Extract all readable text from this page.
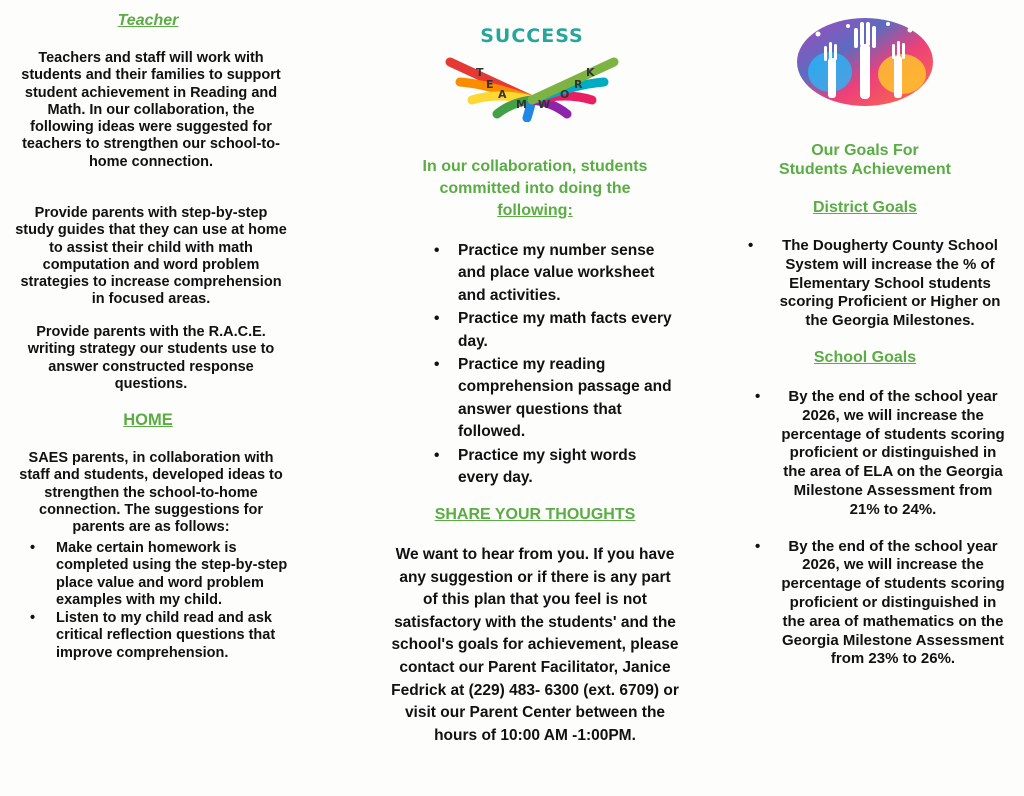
Teacher

Teachers and staff will work with students and their families to support student achievement in Reading and Math. In our collaboration, the following ideas were suggested for teachers to strengthen our school-to-home connection.

Provide parents with step-by-step study guides that they can use at home to assist their child with math computation and word problem strategies to increase comprehension in focused areas.

Provide parents with the R.A.C.E. writing strategy our students use to answer constructed response questions.

HOME

SAES parents, in collaboration with staff and students, developed ideas to strengthen the school-to-home connection. The suggestions for parents are as follows:

• Make certain homework is completed using the step-by-step place value and word problem examples with my child.
• Listen to my child read and ask critical reflection questions that improve comprehension.
SUCCESS
T
E
A
M W
O
R
K
In our collaboration, students committed into doing the
following:
• Practice my number sense and place value worksheet and activities.
• Practice my math facts every day.
• Practice my reading comprehension passage and answer questions that followed.
• Practice my sight words every day.
SHARE YOUR THOUGHTS

We want to hear from you. If you have any suggestion or if there is any part of this plan that you feel is not satisfactory with the students' and the school's goals for achievement, please contact our Parent Facilitator, Janice Fedrick at (229) 483- 6300 (ext. 6709) or visit our Parent Center between the hours of 10:00 AM -1:00PM.

Our Goals For
Students Achievement
District Goals
• The Dougherty County School System will increase the % of Elementary School students scoring Proficient or Higher on the Georgia Milestones.
School Goals
• By the end of the school year 2026, we will increase the percentage of students scoring proficient or distinguished in the area of ELA on the Georgia Milestone Assessment from 21% to 24%.
• By the end of the school year 2026, we will increase the percentage of students scoring proficient or distinguished in the area of mathematics on the Georgia Milestone Assessment from 23% to 26%.
